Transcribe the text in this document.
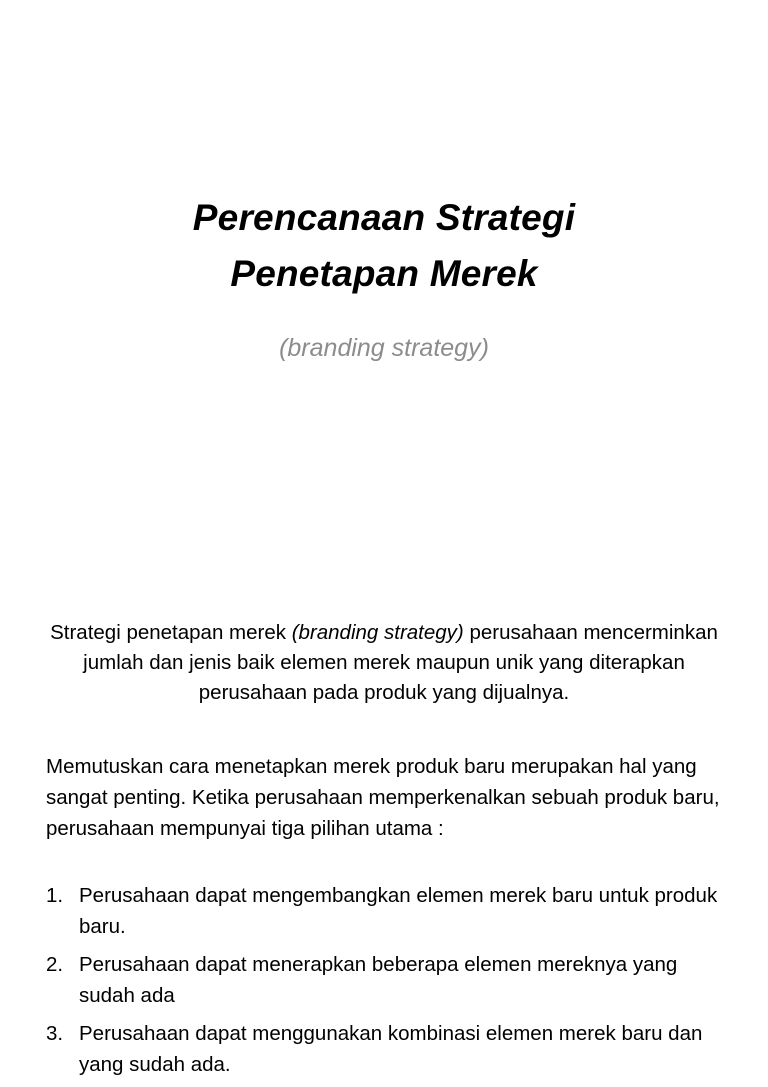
Perencanaan Strategi
Penetapan Merek
(branding strategy)
Strategi penetapan merek (branding strategy) perusahaan mencerminkan jumlah dan jenis baik elemen merek maupun unik yang diterapkan perusahaan pada produk yang dijualnya.
Memutuskan cara menetapkan merek produk baru merupakan hal yang sangat penting. Ketika perusahaan memperkenalkan sebuah produk baru, perusahaan mempunyai tiga pilihan utama :
1. Perusahaan dapat mengembangkan elemen merek baru untuk produk baru.
2. Perusahaan dapat menerapkan beberapa elemen mereknya yang sudah ada
3. Perusahaan dapat menggunakan kombinasi elemen merek baru dan yang sudah ada.
